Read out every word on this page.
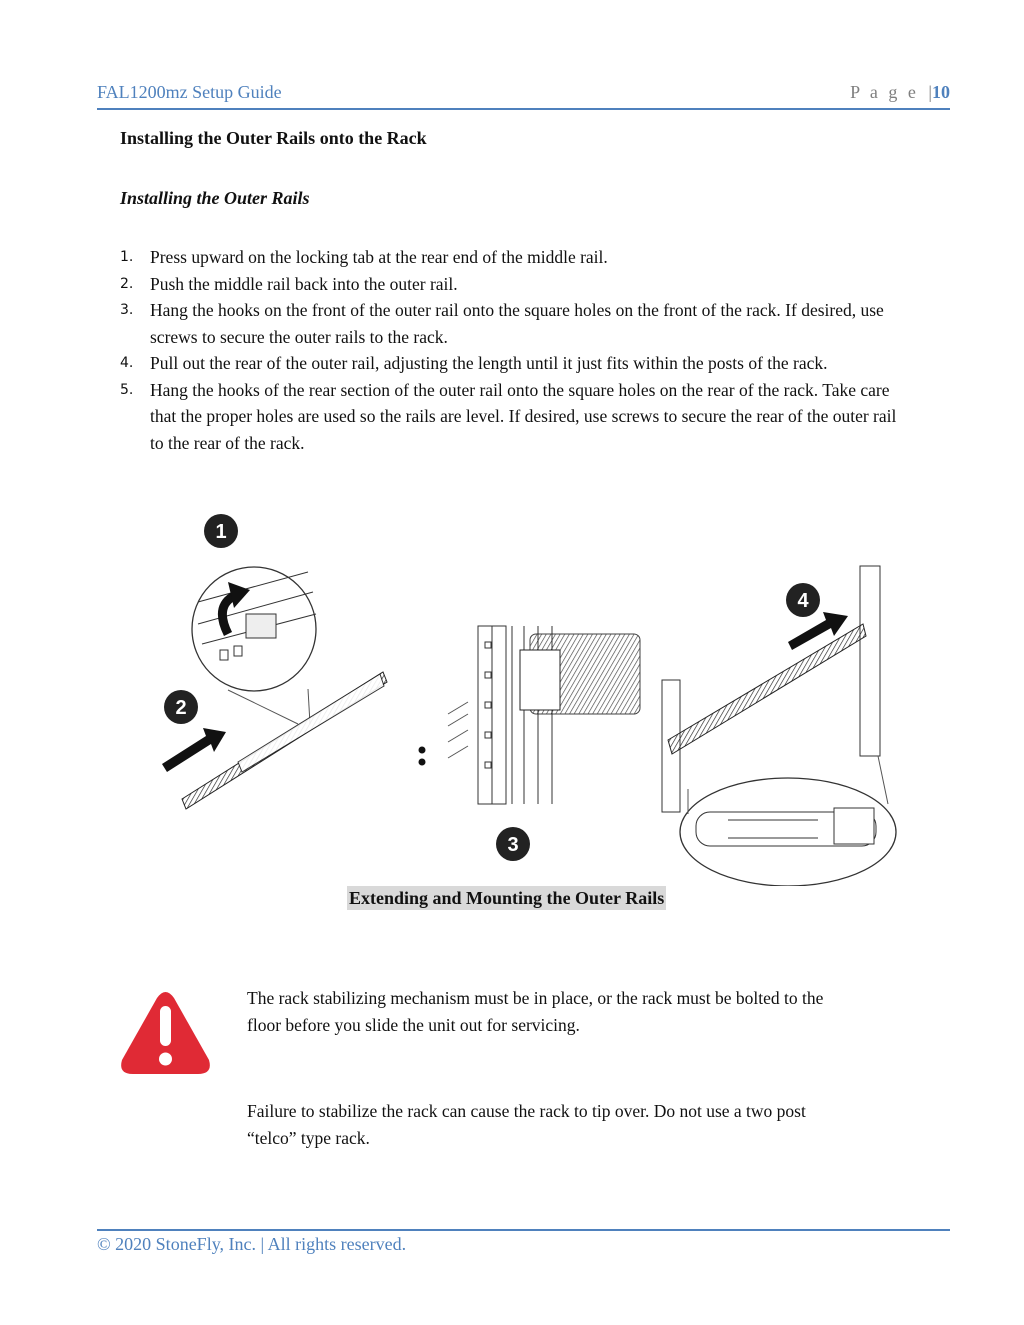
FAL1200mz Setup Guide	P a g e |10
Installing the Outer Rails onto the Rack
Installing the Outer Rails
1. Press upward on the locking tab at the rear end of the middle rail.
2. Push the middle rail back into the outer rail.
3. Hang the hooks on the front of the outer rail onto the square holes on the front of the rack. If desired, use screws to secure the outer rails to the rack.
4. Pull out the rear of the outer rail, adjusting the length until it just fits within the posts of the rack.
5. Hang the hooks of the rear section of the outer rail onto the square holes on the rear of the rack. Take care that the proper holes are used so the rails are level. If desired, use screws to secure the rear of the outer rail to the rear of the rack.
1
2
3
4
Extending and Mounting the Outer Rails

The rack stabilizing mechanism must be in place, or the rack must be bolted to the floor before you slide the unit out for servicing.

Failure to stabilize the rack can cause the rack to tip over. Do not use a two post “telco” type rack.

© 2020 StoneFly, Inc. | All rights reserved.
